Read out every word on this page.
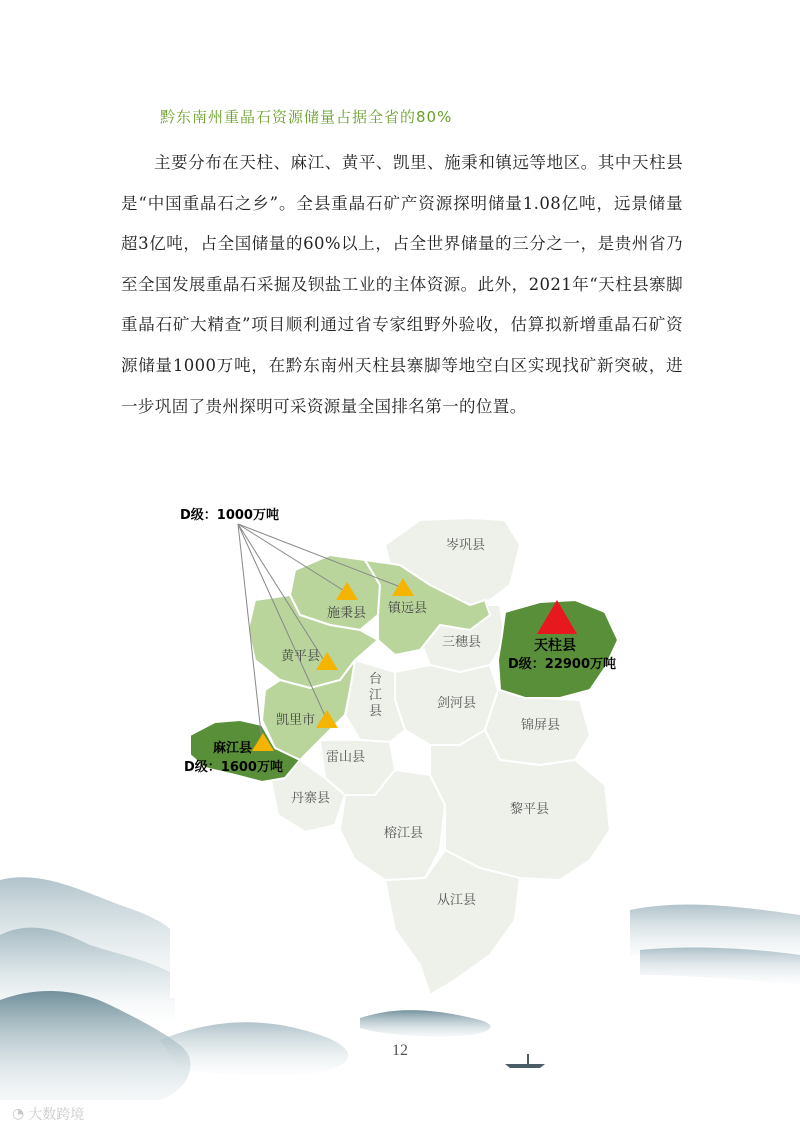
黔东南州重晶石资源储量占据全省的80%
主要分布在天柱、麻江、黄平、凯里、施秉和镇远等地区。其中天柱县是“中国重晶石之乡”。全县重晶石矿产资源探明储量1.08亿吨，远景储量超3亿吨，占全国储量的60%以上，占全世界储量的三分之一，是贵州省乃至全国发展重晶石采掘及钡盐工业的主体资源。此外，2021年“天柱县寨脚重晶石矿大精查”项目顺利通过省专家组野外验收，估算拟新增重晶石矿资源储量1000万吨，在黔东南州天柱县寨脚等地空白区实现找矿新突破，进一步巩固了贵州探明可采资源量全国排名第一的位置。
岑巩县
施秉县 镇远县
三穗县	天柱县
黄平县
台 江 县
剑河县
锦屏县
凯里市
麻江县
雷山县
丹寨县
黎平县
榕江县
从江县
D级：1000万吨
D级：22900万吨
D级：1600万吨
12
◔ 大数跨境
